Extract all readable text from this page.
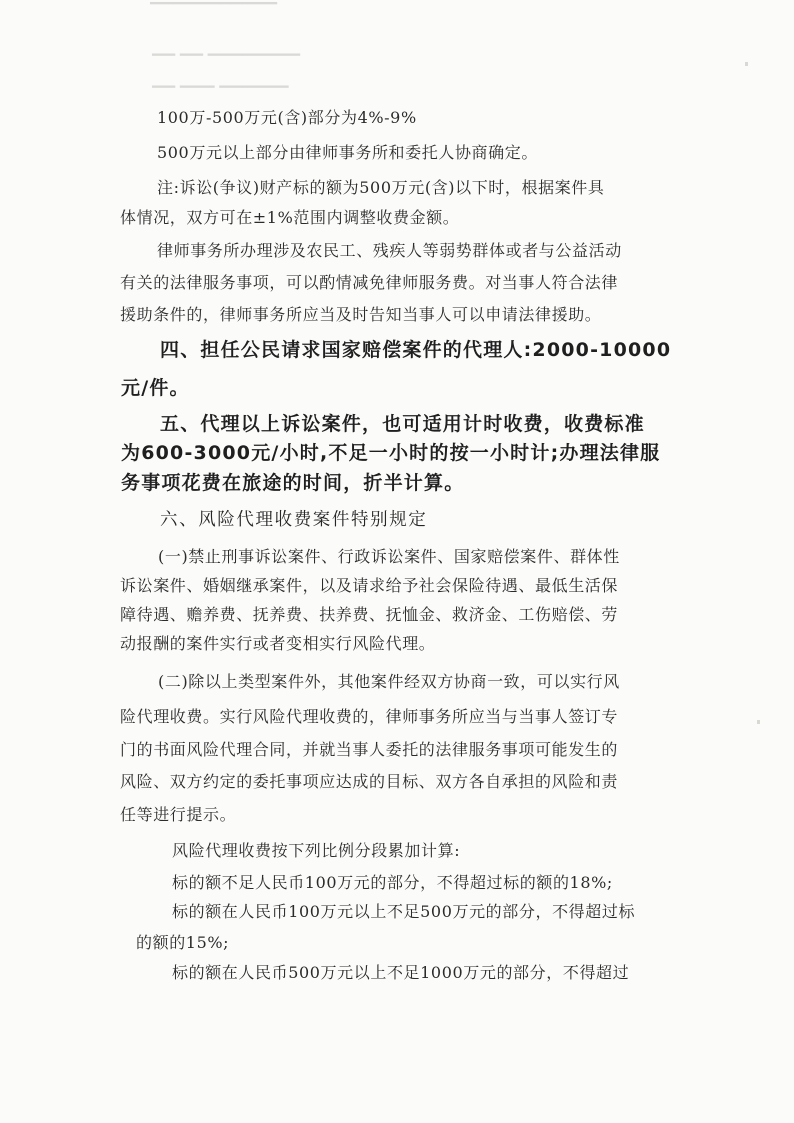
▔▔▔▔▔▔▔▔▔▔▔
▁▁ ▁▁ ▁▁▁▁▁▁▁▁
▁▁ ▁▁▁ ▁▁▁▁▁▁
100万-500万元(含)部分为4%-9%
500万元以上部分由律师事务所和委托人协商确定。
注:诉讼(争议)财产标的额为500万元(含)以下时，根据案件具
体情况，双方可在±1%范围内调整收费金额。
律师事务所办理涉及农民工、残疾人等弱势群体或者与公益活动
有关的法律服务事项，可以酌情减免律师服务费。对当事人符合法律
援助条件的，律师事务所应当及时告知当事人可以申请法律援助。
四、担任公民请求国家赔偿案件的代理人:2000-10000
元/件。
五、代理以上诉讼案件，也可适用计时收费，收费标准
为600-3000元/小时,不足一小时的按一小时计;办理法律服
务事项花费在旅途的时间，折半计算。
六、风险代理收费案件特别规定
(一)禁止刑事诉讼案件、行政诉讼案件、国家赔偿案件、群体性
诉讼案件、婚姻继承案件，以及请求给予社会保险待遇、最低生活保
障待遇、赡养费、抚养费、扶养费、抚恤金、救济金、工伤赔偿、劳
动报酬的案件实行或者变相实行风险代理。
(二)除以上类型案件外，其他案件经双方协商一致，可以实行风
险代理收费。实行风险代理收费的，律师事务所应当与当事人签订专
门的书面风险代理合同，并就当事人委托的法律服务事项可能发生的
风险、双方约定的委托事项应达成的目标、双方各自承担的风险和责
任等进行提示。
风险代理收费按下列比例分段累加计算:
标的额不足人民币100万元的部分，不得超过标的额的18%;
标的额在人民币100万元以上不足500万元的部分，不得超过标
的额的15%;
标的额在人民币500万元以上不足1000万元的部分，不得超过
